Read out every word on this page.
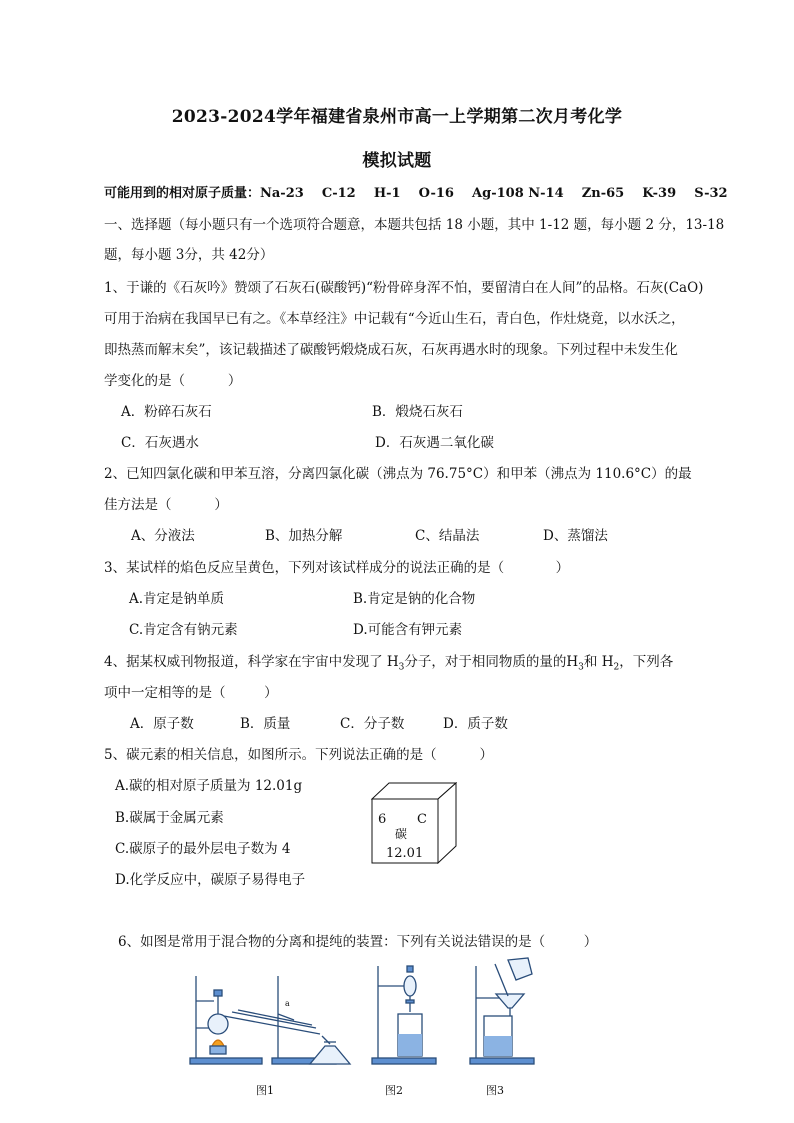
2023-2024学年福建省泉州市高一上学期第二次月考化学
模拟试题
可能用到的相对原子质量：Na-23    C-12    H-1    O-16    Ag-108 N-14    Zn-65    K-39    S-32
一、选择题（每小题只有一个选项符合题意，本题共包括 18 小题，其中 1-12 题，每小题 2 分，13-18
题，每小题 3分，共 42分）
1、于谦的《石灰吟》赞颂了石灰石(碳酸钙)“粉骨碎身浑不怕，要留清白在人间”的品格。石灰(CaO)
可用于治病在我国早已有之。《本草经注》中记载有“今近山生石，青白色，作灶烧竟，以水沃之，
即热蒸而解末矣”，该记载描述了碳酸钙煅烧成石灰，石灰再遇水时的现象。下列过程中未发生化
学变化的是（          ）
A．粉碎石灰石	B．煅烧石灰石
C．石灰遇水	D．石灰遇二氧化碳
2、已知四氯化碳和甲苯互溶，分离四氯化碳（沸点为 76.75°C）和甲苯（沸点为 110.6°C）的最
佳方法是（          ）
A、分液法	B、加热分解	C、结晶法	D、蒸馏法
3、某试样的焰色反应呈黄色，下列对该试样成分的说法正确的是（            ）
A.肯定是钠单质	B.肯定是钠的化合物
C.肯定含有钠元素	D.可能含有钾元素
4、据某权威刊物报道，科学家在宇宙中发现了 $H_3$分子，对于相同物质的量的$H_3$和 $H_2$，下列各
项中一定相等的是（         ）
A．原子数	B．质量	C．分子数	D．质子数
5、碳元素的相关信息，如图所示。下列说法正确的是（          ）
A.碳的相对原子质量为 12.01g
B.碳属于金属元素
C.碳原子的最外层电子数为 4
D.化学反应中，碳原子易得电子
6 C
碳
12.01
6、如图是常用于混合物的分离和提纯的装置：下列有关说法错误的是（         ）
a
图1	图2	图3
